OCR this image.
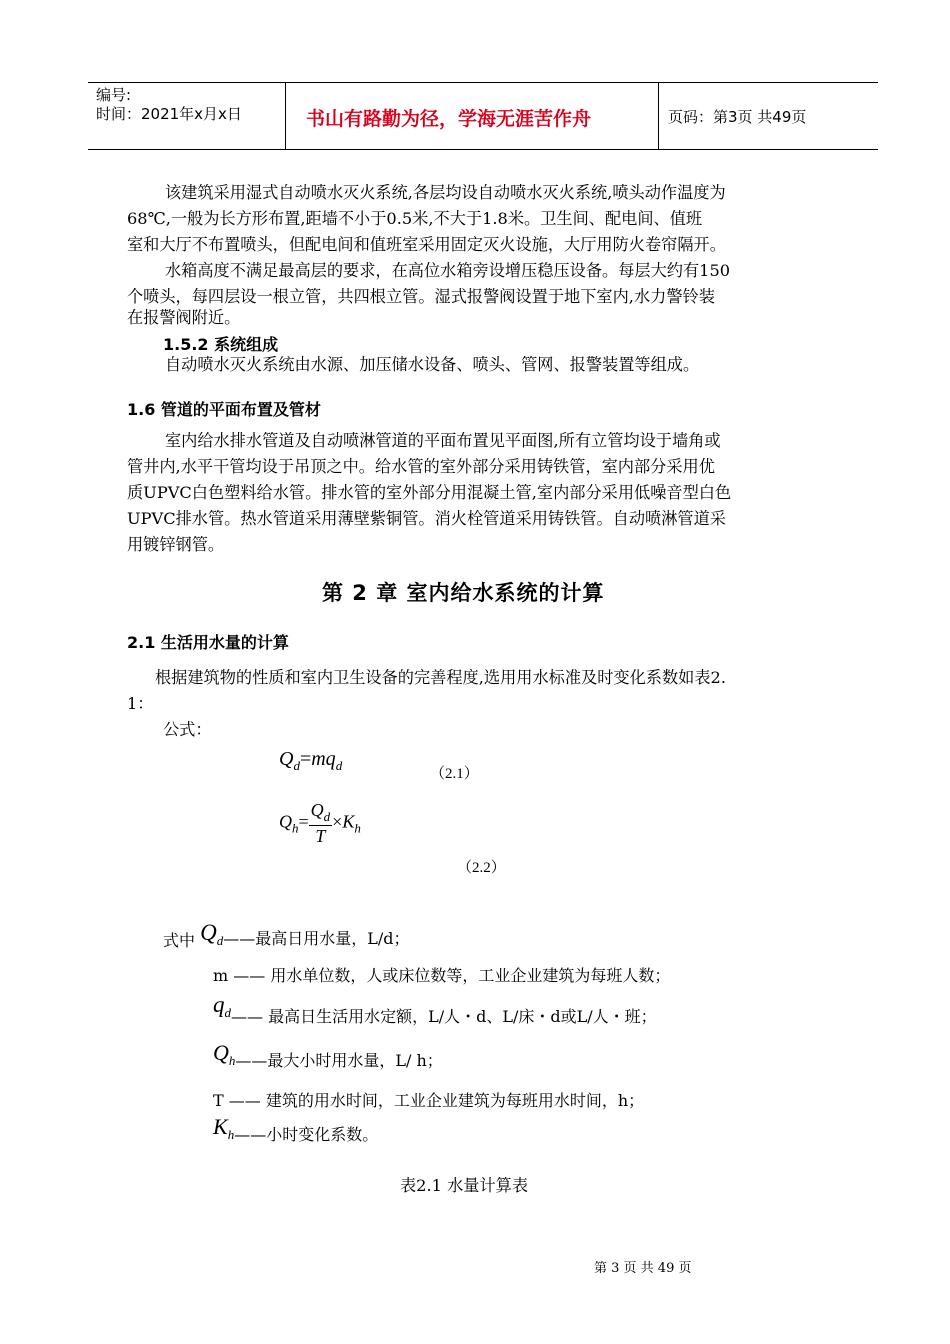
编号:
时间：2021年x月x日	书山有路勤为径，学海无涯苦作舟	页码：第3页 共49页
该建筑采用湿式自动喷水灭火系统,各层均设自动喷水灭火系统,喷头动作温度为
68℃,一般为长方形布置,距墙不小于0.5米,不大于1.8米。卫生间、配电间、值班
室和大厅不布置喷头，但配电间和值班室采用固定灭火设施，大厅用防火卷帘隔开。
水箱高度不满足最高层的要求，在高位水箱旁设增压稳压设备。每层大约有150
个喷头，每四层设一根立管，共四根立管。湿式报警阀设置于地下室内,水力警铃装
在报警阀附近。
1.5.2 系统组成
自动喷水灭火系统由水源、加压储水设备、喷头、管网、报警装置等组成。
1.6 管道的平面布置及管材
室内给水排水管道及自动喷淋管道的平面布置见平面图,所有立管均设于墙角或
管井内,水平干管均设于吊顶之中。给水管的室外部分采用铸铁管，室内部分采用优
质UPVC白色塑料给水管。排水管的室外部分用混凝土管,室内部分采用低噪音型白色
UPVC排水管。热水管道采用薄壁紫铜管。消火栓管道采用铸铁管。自动喷淋管道采
用镀锌钢管。
第 2 章 室内给水系统的计算
2.1 生活用水量的计算
根据建筑物的性质和室内卫生设备的完善程度,选用用水标准及时变化系数如表2.
1：
公式：
$Q_d=mq_d$
（2.1）
$Q_h= \frac{Q_d}{T} \times K_h$
（2.2）
式中 $Q_d——$最高日用水量，L/d；
m —— 用水单位数，人或床位数等，工业企业建筑为每班人数；
$q_d——$ 最高日生活用水定额，L/人・d、L/床・d或L/人・班；
$Q_h——$最大小时用水量，L/ h；
T —— 建筑的用水时间，工业企业建筑为每班用水时间，h；
$K_h——$小时变化系数。
表2.1 水量计算表
第 3 页 共 49 页
